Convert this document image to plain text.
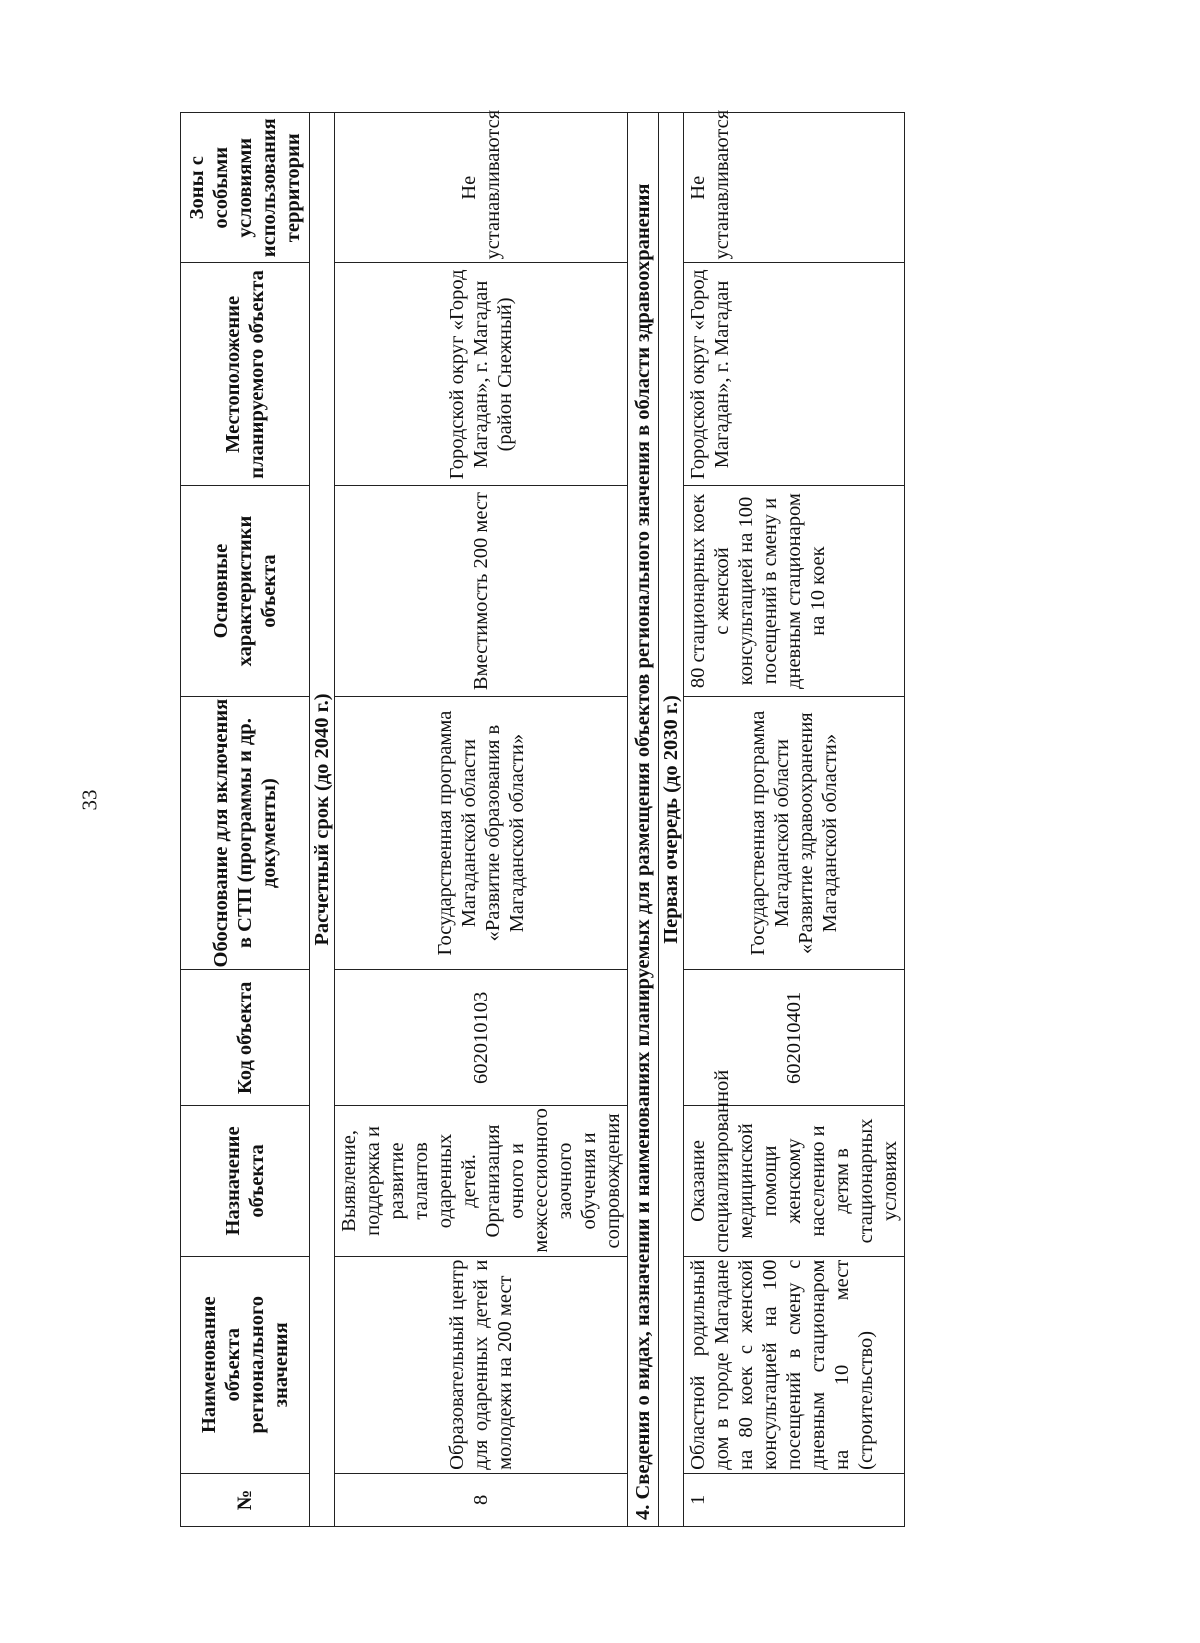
33
№	Наименование объекта регионального значения	Назначение объекта	Код объекта	Обоснование для включения в СТП (программы и др. документы)	Основные характеристики объекта	Местоположение планируемого объекта	Зоны с особыми условиями использования территории
Расчетный срок (до 2040 г.)							
8	Образовательный центр для одаренных детей и молодежи на 200 мест	Выявление, поддержка и развитие талантов одаренных детей. Организация очного и межсессионного заочного обучения и сопровождения	602010103	Государственная программа Магаданской области «Развитие образования в Магаданской области»	Вместимость 200 мест	Городской округ «Город Магадан», г. Магадан (район Снежный)	Не устанавливаются
4. Сведения о видах, назначении и наименованиях планируемых для размещения объектов регионального значения в области здравоохранения							
Первая очередь (до 2030 г.)							
1	Областной родильный дом в городе Магадане на 80 коек с женской консультацией на 100 посещений в смену с дневным стационаром на 10 мест (строительство)	Оказание специализированной медицинской помощи женскому населению и детям в стационарных условиях	602010401	Государственная программа Магаданской области «Развитие здравоохранения Магаданской области»	80 стационарных коек с женской консультацией на 100 посещений в смену и дневным стационаром на 10 коек	Городской округ «Город Магадан», г. Магадан	Не устанавливаются
